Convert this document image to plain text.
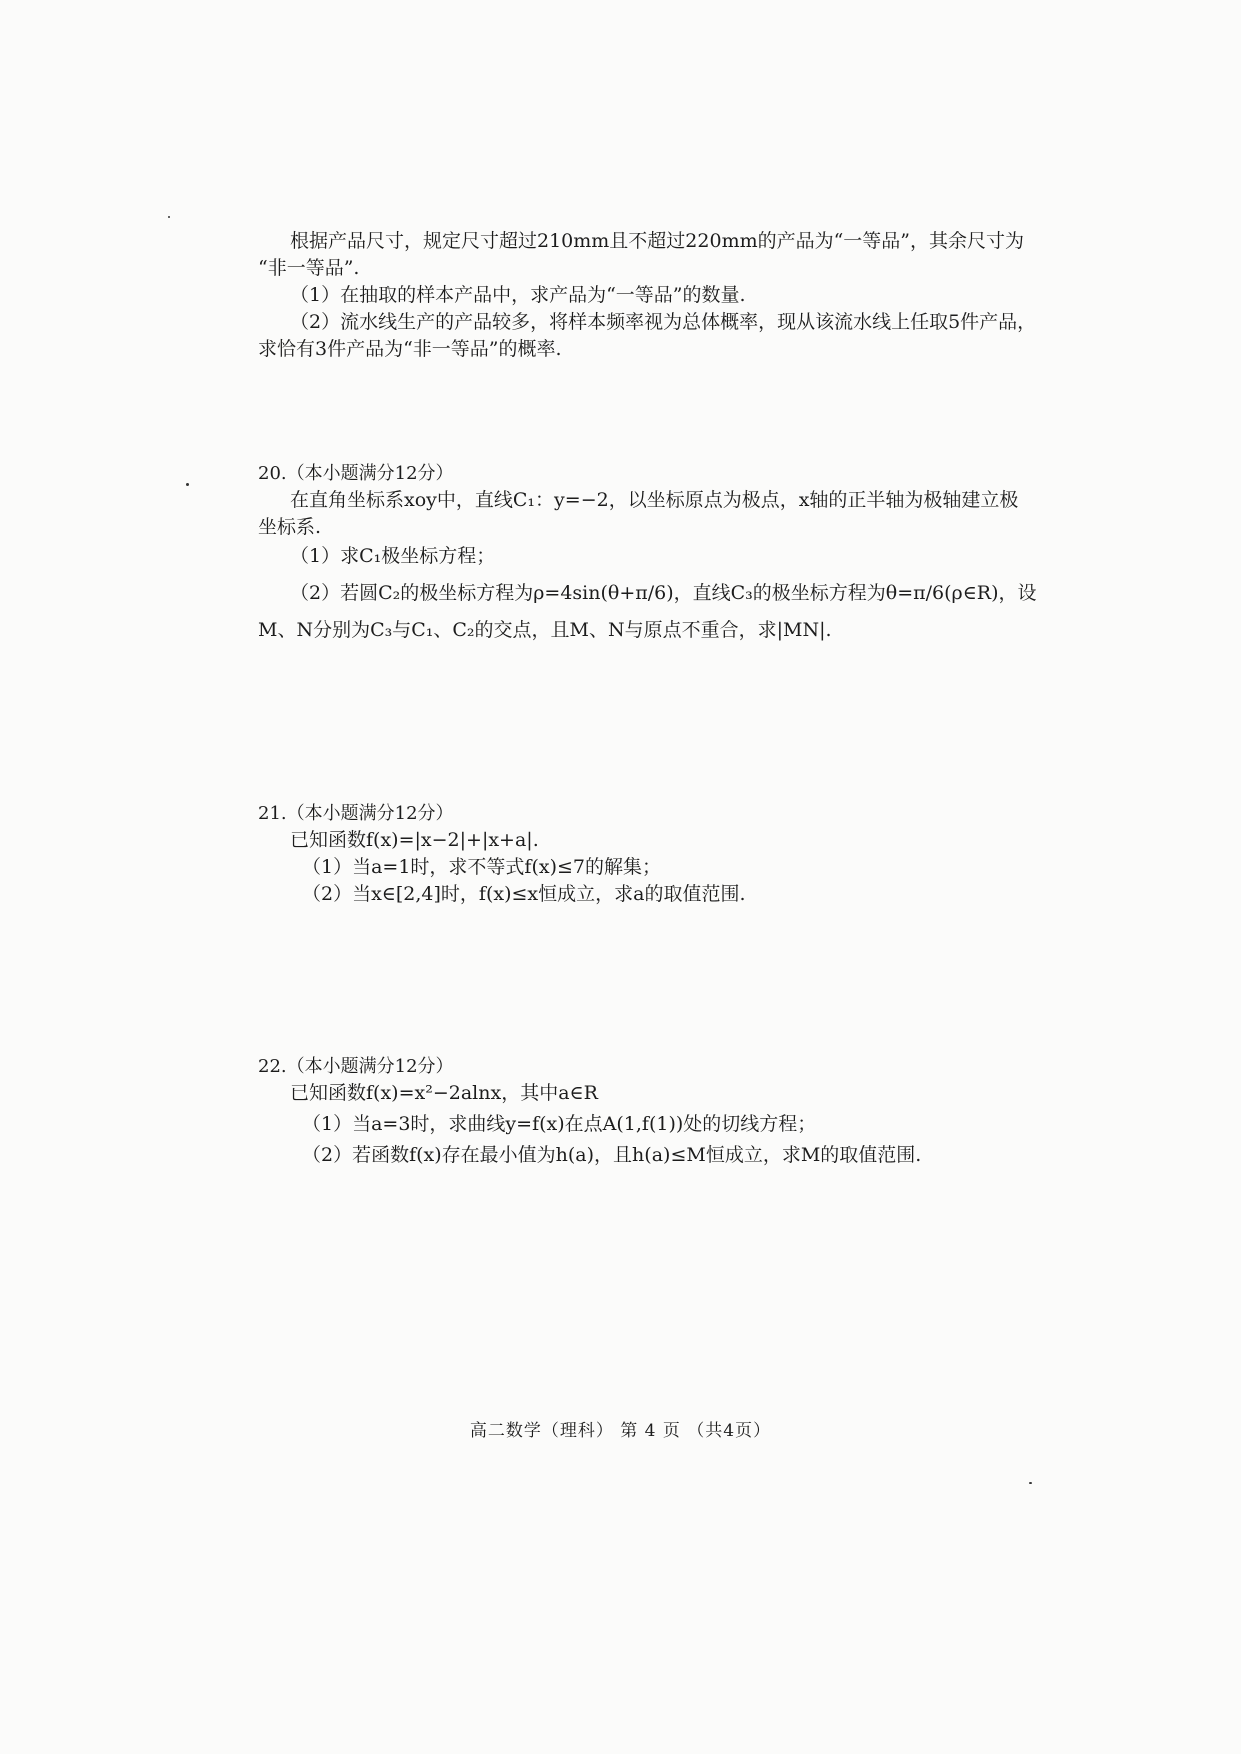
根据产品尺寸，规定尺寸超过210mm且不超过220mm的产品为“一等品”，其余尺寸为
“非一等品”.
（1）在抽取的样本产品中，求产品为“一等品”的数量.
（2）流水线生产的产品较多，将样本频率视为总体概率，现从该流水线上任取5件产品，
求恰有3件产品为“非一等品”的概率.
20.（本小题满分12分）
在直角坐标系xoy中，直线C₁：y=−2，以坐标原点为极点，x轴的正半轴为极轴建立极
坐标系.
（1）求C₁极坐标方程；
（2）若圆C₂的极坐标方程为ρ=4sin(θ+π/6)，直线C₃的极坐标方程为θ=π/6(ρ∈R)，设
M、N分别为C₃与C₁、C₂的交点，且M、N与原点不重合，求|MN|.
21.（本小题满分12分）
已知函数f(x)=|x−2|+|x+a|.
（1）当a=1时，求不等式f(x)≤7的解集；
（2）当x∈[2,4]时，f(x)≤x恒成立，求a的取值范围.
22.（本小题满分12分）
已知函数f(x)=x²−2alnx，其中a∈R
（1）当a=3时，求曲线y=f(x)在点A(1,f(1))处的切线方程；
（2）若函数f(x)存在最小值为h(a)，且h(a)≤M恒成立，求M的取值范围.
高二数学（理科） 第 4 页 （共4页）
